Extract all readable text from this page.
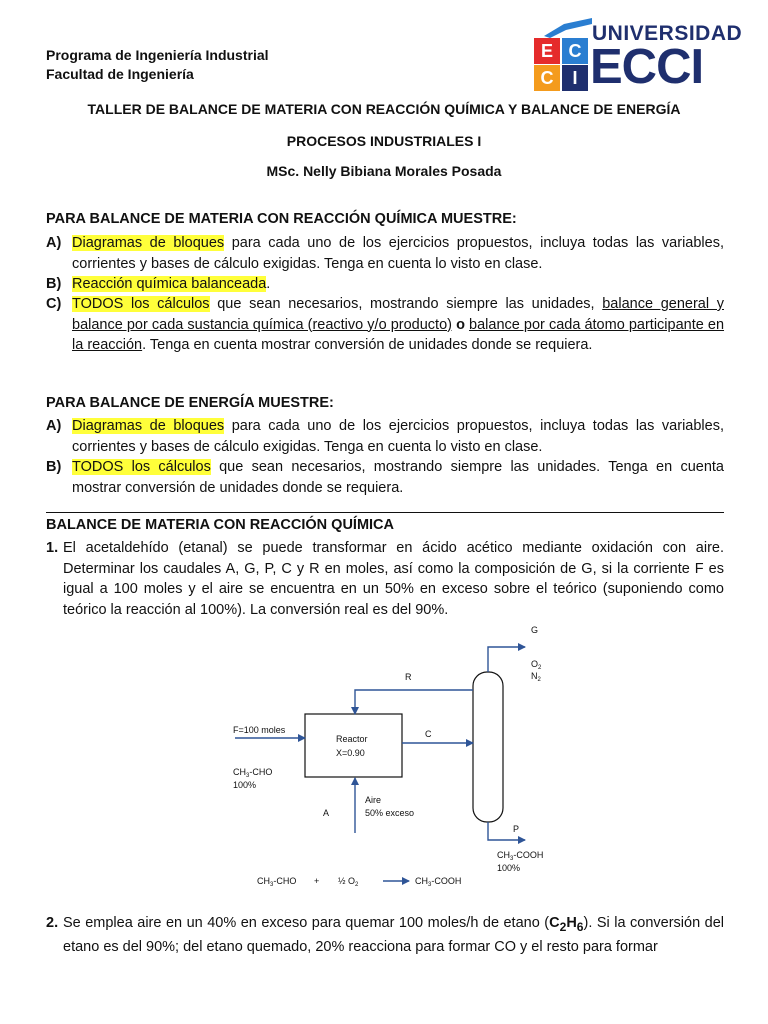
Programa de Ingeniería Industrial
Facultad de Ingeniería
E C
C	I
UNIVERSIDAD
ECCI
TALLER DE BALANCE DE MATERIA CON REACCIÓN QUÍMICA Y BALANCE DE ENERGÍA
PROCESOS INDUSTRIALES I
MSc. Nelly Bibiana Morales Posada
PARA BALANCE DE MATERIA CON REACCIÓN QUÍMICA MUESTRE:
A) Diagramas de bloques para cada uno de los ejercicios propuestos, incluya todas las variables, corrientes y bases de cálculo exigidas. Tenga en cuenta lo visto en clase.
B) Reacción química balanceada.
C) TODOS los cálculos que sean necesarios, mostrando siempre las unidades, balance general y balance por cada sustancia química (reactivo y/o producto) o balance por cada átomo participante en la reacción. Tenga en cuenta mostrar conversión de unidades donde se requiera.
PARA BALANCE DE ENERGÍA MUESTRE:
A) Diagramas de bloques para cada uno de los ejercicios propuestos, incluya todas las variables, corrientes y bases de cálculo exigidas. Tenga en cuenta lo visto en clase.
B) TODOS los cálculos que sean necesarios, mostrando siempre las unidades. Tenga en cuenta mostrar conversión de unidades donde se requiera.
BALANCE DE MATERIA CON REACCIÓN QUÍMICA
1. El acetaldehído (etanal) se puede transformar en ácido acético mediante oxidación con aire. Determinar los caudales A, G, P, C y R en moles, así como la composición de G, si la corriente F es igual a 100 moles y el aire se encuentra en un 50% en exceso sobre el teórico (suponiendo como teórico la reacción al 100%). La conversión real es del 90%.
Reactor
X=0.90
F=100 moles
$CH_3$-CHO
100%
C
R
A
Aire
50% exceso
G
$O_2$
$N_2$
P
$CH_3$-COOH
100%
$CH_3$-CHO + ½ $O_2$	$CH_3$-COOH
2. Se emplea aire en un 40% en exceso para quemar 100 moles/h de etano $(C_2H_6)$. Si la conversión del etano es del 90%; del etano quemado, 20% reacciona para formar CO y el resto para formar
